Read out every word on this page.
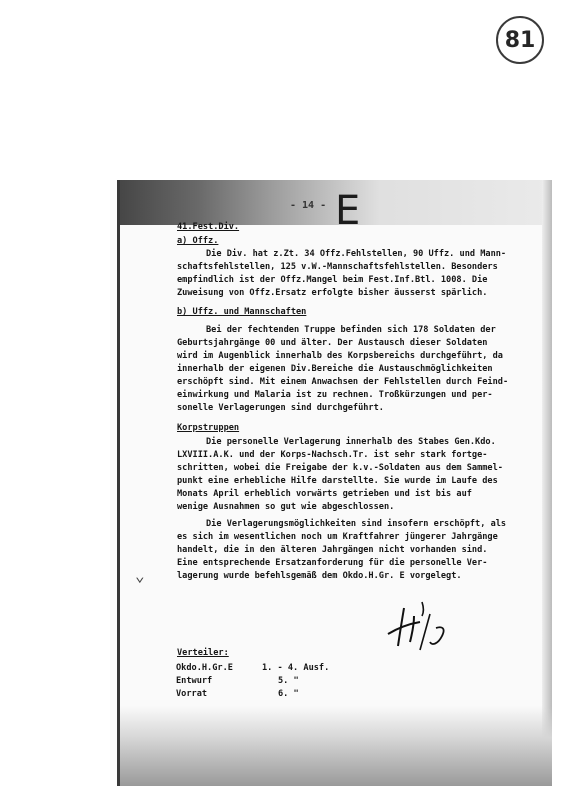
81
- 14 - E
41.Fest.Div.
a) Offz.
Die Div. hat z.Zt. 34 Offz.Fehlstellen, 90 Uffz. und Mann-
schaftsfehlstellen, 125 v.W.-Mannschaftsfehlstellen. Besonders
empfindlich ist der Offz.Mangel beim Fest.Inf.Btl. 1008. Die
Zuweisung von Offz.Ersatz erfolgte bisher äusserst spärlich.
b) Uffz. und Mannschaften
Bei der fechtenden Truppe befinden sich 178 Soldaten der
Geburtsjahrgänge 00 und älter. Der Austausch dieser Soldaten
wird im Augenblick innerhalb des Korpsbereichs durchgeführt, da
innerhalb der eigenen Div.Bereiche die Austauschmöglichkeiten
erschöpft sind. Mit einem Anwachsen der Fehlstellen durch Feind-
einwirkung und Malaria ist zu rechnen. Troßkürzungen und per-
sonelle Verlagerungen sind durchgeführt.
Korpstruppen
Die personelle Verlagerung innerhalb des Stabes Gen.Kdo.
LXVIII.A.K. und der Korps-Nachsch.Tr. ist sehr stark fortge-
schritten, wobei die Freigabe der k.v.-Soldaten aus dem Sammel-
punkt eine erhebliche Hilfe darstellte. Sie wurde im Laufe des
Monats April erheblich vorwärts getrieben und ist bis auf
wenige Ausnahmen so gut wie abgeschlossen.
Die Verlagerungsmöglichkeiten sind insofern erschöpft, als
es sich im wesentlichen noch um Kraftfahrer jüngerer Jahrgänge
handelt, die in den älteren Jahrgängen nicht vorhanden sind.
Eine entsprechende Ersatzanforderung für die personelle Ver-
lagerung wurde befehlsgemäß dem Okdo.H.Gr. E vorgelegt.
⌄
Verteiler:
Okdo.H.Gr.E	1. - 4. Ausf.
Entwurf	5. "
Vorrat	6. "
